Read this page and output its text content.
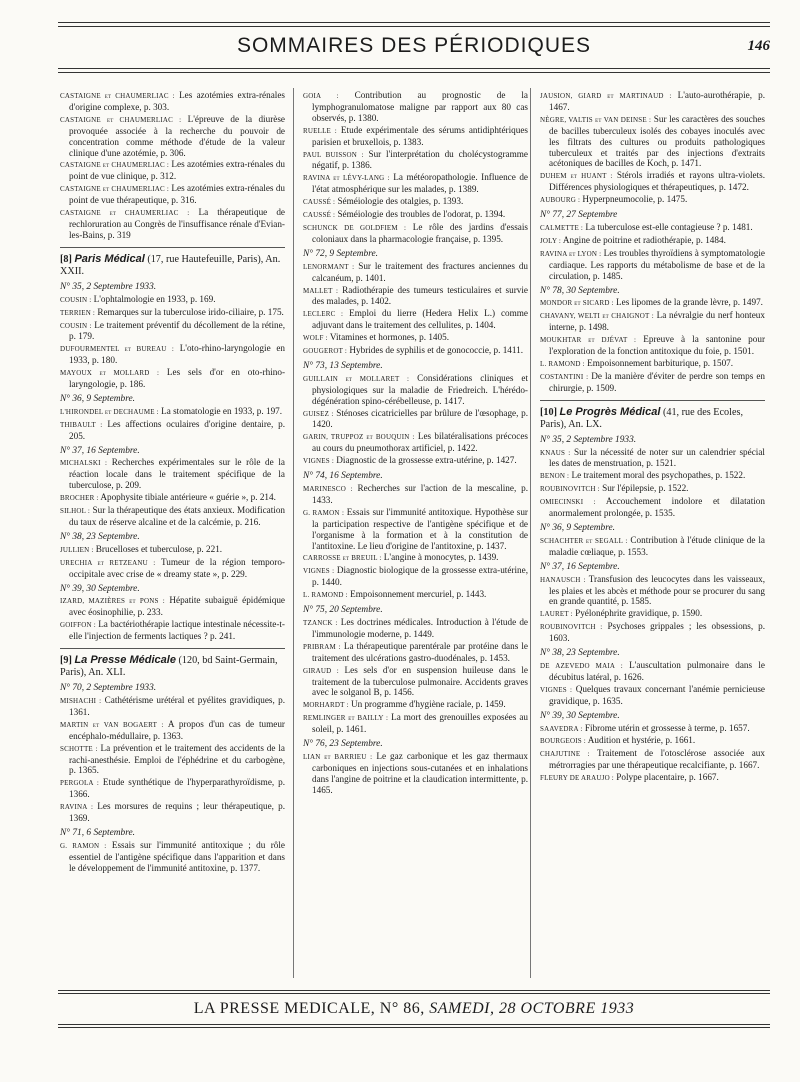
SOMMAIRES DES PÉRIODIQUES	146

CASTAIGNE et CHAUMERLIAC : Les azotémies extra-rénales d'origine complexe, p. 303.

CASTAIGNE et CHAUMERLIAC : L'épreuve de la diurèse provoquée associée à la recherche du pouvoir de concentration comme méthode d'étude de la valeur clinique d'une azotémie, p. 306.

CASTAIGNE et CHAUMERLIAC : Les azotémies extra-rénales du point de vue clinique, p. 312.

CASTAIGNE et CHAUMERLIAC : Les azotémies extra-rénales du point de vue thérapeutique, p. 316.

CASTAIGNE et CHAUMERLIAC : La thérapeutique de rechloruration au Congrès de l'insuffisance rénale d'Evian-les-Bains, p. 319

[8] Paris Médical (17, rue Hautefeuille, Paris), An. XXII.

N° 35, 2 Septembre 1933.

COUSIN : L'ophtalmologie en 1933, p. 169.

TERRIEN : Remarques sur la tuberculose irido-ciliaire, p. 175.

COUSIN : Le traitement préventif du décollement de la rétine, p. 179.

DUFOURMENTEL et BUREAU : L'oto-rhino-laryngologie en 1933, p. 180.

MAYOUX et MOLLARD : Les sels d'or en oto-rhino-laryngologie, p. 186.

N° 36, 9 Septembre.

L'HIRONDEL et DECHAUME : La stomatologie en 1933, p. 197.

THIBAULT : Les affections oculaires d'origine dentaire, p. 205.

N° 37, 16 Septembre.

MICHALSKI : Recherches expérimentales sur le rôle de la réaction locale dans le traitement spécifique de la tuberculose, p. 209.

BROCHER : Apophysite tibiale antérieure « guérie », p. 214.

SILHOL : Sur la thérapeutique des états anxieux. Modification du taux de réserve alcaline et de la calcémie, p. 216.

N° 38, 23 Septembre.

JULLIEN : Brucelloses et tuberculose, p. 221.

URECHIA et RETZEANU : Tumeur de la région temporo-occipitale avec crise de « dreamy state », p. 229.

N° 39, 30 Septembre.

IZARD, MAZIÈRES et PONS : Hépatite subaiguë épidémique avec éosinophilie, p. 233.

GOIFFON : La bactériothérapie lactique intestinale nécessite-t-elle l'injection de ferments lactiques ? p. 241.

[9] La Presse Médicale (120, bd Saint-Germain, Paris), An. XLI.

N° 70, 2 Septembre 1933.

MISHACHI : Cathétérisme urétéral et pyélites gravidiques, p. 1361.

MARTIN et VAN BOGAERT : A propos d'un cas de tumeur encéphalo-médullaire, p. 1363.

SCHOTTE : La prévention et le traitement des accidents de la rachi-anesthésie. Emploi de l'éphédrine et du carbogène, p. 1365.

PERGOLA : Etude synthétique de l'hyperparathyroïdisme, p. 1366.

RAVINA : Les morsures de requins ; leur thérapeutique, p. 1369.

N° 71, 6 Septembre.

G. RAMON : Essais sur l'immunité antitoxique ; du rôle essentiel de l'antigène spécifique dans l'apparition et dans le développement de l'immunité antitoxine, p. 1377.

GOIA : Contribution au prognostic de la lymphogranulomatose maligne par rapport aux 80 cas observés, p. 1380.

RUELLE : Etude expérimentale des sérums antidiphtériques parisien et bruxellois, p. 1383.

PAUL BUISSON : Sur l'interprétation du cholécystogramme négatif, p. 1386.

RAVINA et LÉVY-LANG : La météoropathologie. Influence de l'état atmosphérique sur les malades, p. 1389.

CAUSSÉ : Séméiologie des otalgies, p. 1393.

CAUSSÉ : Séméiologie des troubles de l'odorat, p. 1394.

SCHUNCK DE GOLDFIEM : Le rôle des jardins d'essais coloniaux dans la pharmacologie française, p. 1395.

N° 72, 9 Septembre.

LENORMANT : Sur le traitement des fractures anciennes du calcanéum, p. 1401.

MALLET : Radiothérapie des tumeurs testiculaires et survie des malades, p. 1402.

LECLERC : Emploi du lierre (Hedera Helix L.) comme adjuvant dans le traitement des cellulites, p. 1404.

WOLF : Vitamines et hormones, p. 1405.

GOUGEROT : Hybrides de syphilis et de gonococcie, p. 1411.

N° 73, 13 Septembre.

GUILLAIN et MOLLARET : Considérations cliniques et physiologiques sur la maladie de Friedreich. L'hérédo-dégénération spino-cérébelleuse, p. 1417.

GUISEZ : Sténoses cicatricielles par brûlure de l'œsophage, p. 1420.

GARIN, TRUPPOZ et BOUQUIN : Les bilatéralisations précoces au cours du pneumothorax artificiel, p. 1422.

VIGNES : Diagnostic de la grossesse extra-utérine, p. 1427.

N° 74, 16 Septembre.

MARINESCO : Recherches sur l'action de la mescaline, p. 1433.

G. RAMON : Essais sur l'immunité antitoxique. Hypothèse sur la participation respective de l'antigène spécifique et de l'organisme à la formation et à la constitution de l'antitoxine. Le lieu d'origine de l'antitoxine, p. 1437.

CARROSSE et BREUIL : L'angine à monocytes, p. 1439.

VIGNES : Diagnostic biologique de la grossesse extra-utérine, p. 1440.

L. RAMOND : Empoisonnement mercuriel, p. 1443.

N° 75, 20 Septembre.

TZANCK : Les doctrines médicales. Introduction à l'étude de l'immunologie moderne, p. 1449.

PRIBRAM : La thérapeutique parentérale par protéine dans le traitement des ulcérations gastro-duodénales, p. 1453.

GIRAUD : Les sels d'or en suspension huileuse dans le traitement de la tuberculose pulmonaire. Accidents graves avec le solganol B, p. 1456.

MORHARDT : Un programme d'hygiène raciale, p. 1459.

REMLINGER et BAILLY : La mort des grenouilles exposées au soleil, p. 1461.

N° 76, 23 Septembre.

LIAN et BARRIEU : Le gaz carbonique et les gaz thermaux carboniques en injections sous-cutanées et en inhalations dans l'angine de poitrine et la claudication intermittente, p. 1465.

JAUSION, GIARD et MARTINAUD : L'auto-aurothérapie, p. 1467.

NÈGRE, VALTIS et VAN DEINSE : Sur les caractères des souches de bacilles tuberculeux isolés des cobayes inoculés avec les filtrats des cultures ou produits pathologiques tuberculeux et traités par des injections d'extraits acétoniques de bacilles de Koch, p. 1471.

DUHEM et HUANT : Stérols irradiés et rayons ultra-violets. Différences physiologiques et thérapeutiques, p. 1472.

AUBOURG : Hyperpneumocolie, p. 1475.

N° 77, 27 Septembre

CALMETTE : La tuberculose est-elle contagieuse ? p. 1481.

JOLY : Angine de poitrine et radiothérapie, p. 1484.

RAVINA et LYON : Les troubles thyroïdiens à symptomatologie cardiaque. Les rapports du métabolisme de base et de la circulation, p. 1485.

N° 78, 30 Septembre.

MONDOR et SICARD : Les lipomes de la grande lèvre, p. 1497.

CHAVANY, WELTI et CHAIGNOT : La névralgie du nerf honteux interne, p. 1498.

MOUKHTAR et DJÉVAT : Epreuve à la santonine pour l'exploration de la fonction antitoxique du foie, p. 1501.

L. RAMOND : Empoisonnement barbiturique, p. 1507.

COSTANTINI : De la manière d'éviter de perdre son temps en chirurgie, p. 1509.

[10] Le Progrès Médical (41, rue des Ecoles, Paris), An. LX.

N° 35, 2 Septembre 1933.

KNAUS : Sur la nécessité de noter sur un calendrier spécial les dates de menstruation, p. 1521.

BENON : Le traitement moral des psychopathes, p. 1522.

ROUBINOVITCH : Sur l'épilepsie, p. 1522.

OMIECINSKI : Accouchement indolore et dilatation anormalement prolongée, p. 1535.

N° 36, 9 Septembre.

SCHACHTER et SEGALL : Contribution à l'étude clinique de la maladie cœliaque, p. 1553.

N° 37, 16 Septembre.

HANAUSCH : Transfusion des leucocytes dans les vaisseaux, les plaies et les abcès et méthode pour se procurer du sang en grande quantité, p. 1585.

LAURET : Pyélonéphrite gravidique, p. 1590.

ROUBINOVITCH : Psychoses grippales ; les obsessions, p. 1603.

N° 38, 23 Septembre.

DE AZEVEDO MAIA : L'auscultation pulmonaire dans le décubitus latéral, p. 1626.

VIGNES : Quelques travaux concernant l'anémie pernicieuse gravidique, p. 1635.

N° 39, 30 Septembre.

SAAVEDRA : Fibrome utérin et grossesse à terme, p. 1657.

BOURGEOIS : Audition et hystérie, p. 1661.

CHAJUTINE : Traitement de l'otosclérose associée aux métrorragies par une thérapeutique recalcifiante, p. 1667.

FLEURY DE ARAUJO : Polype placentaire, p. 1667.

LA PRESSE MEDICALE, N° 86, SAMEDI, 28 OCTOBRE 1933
